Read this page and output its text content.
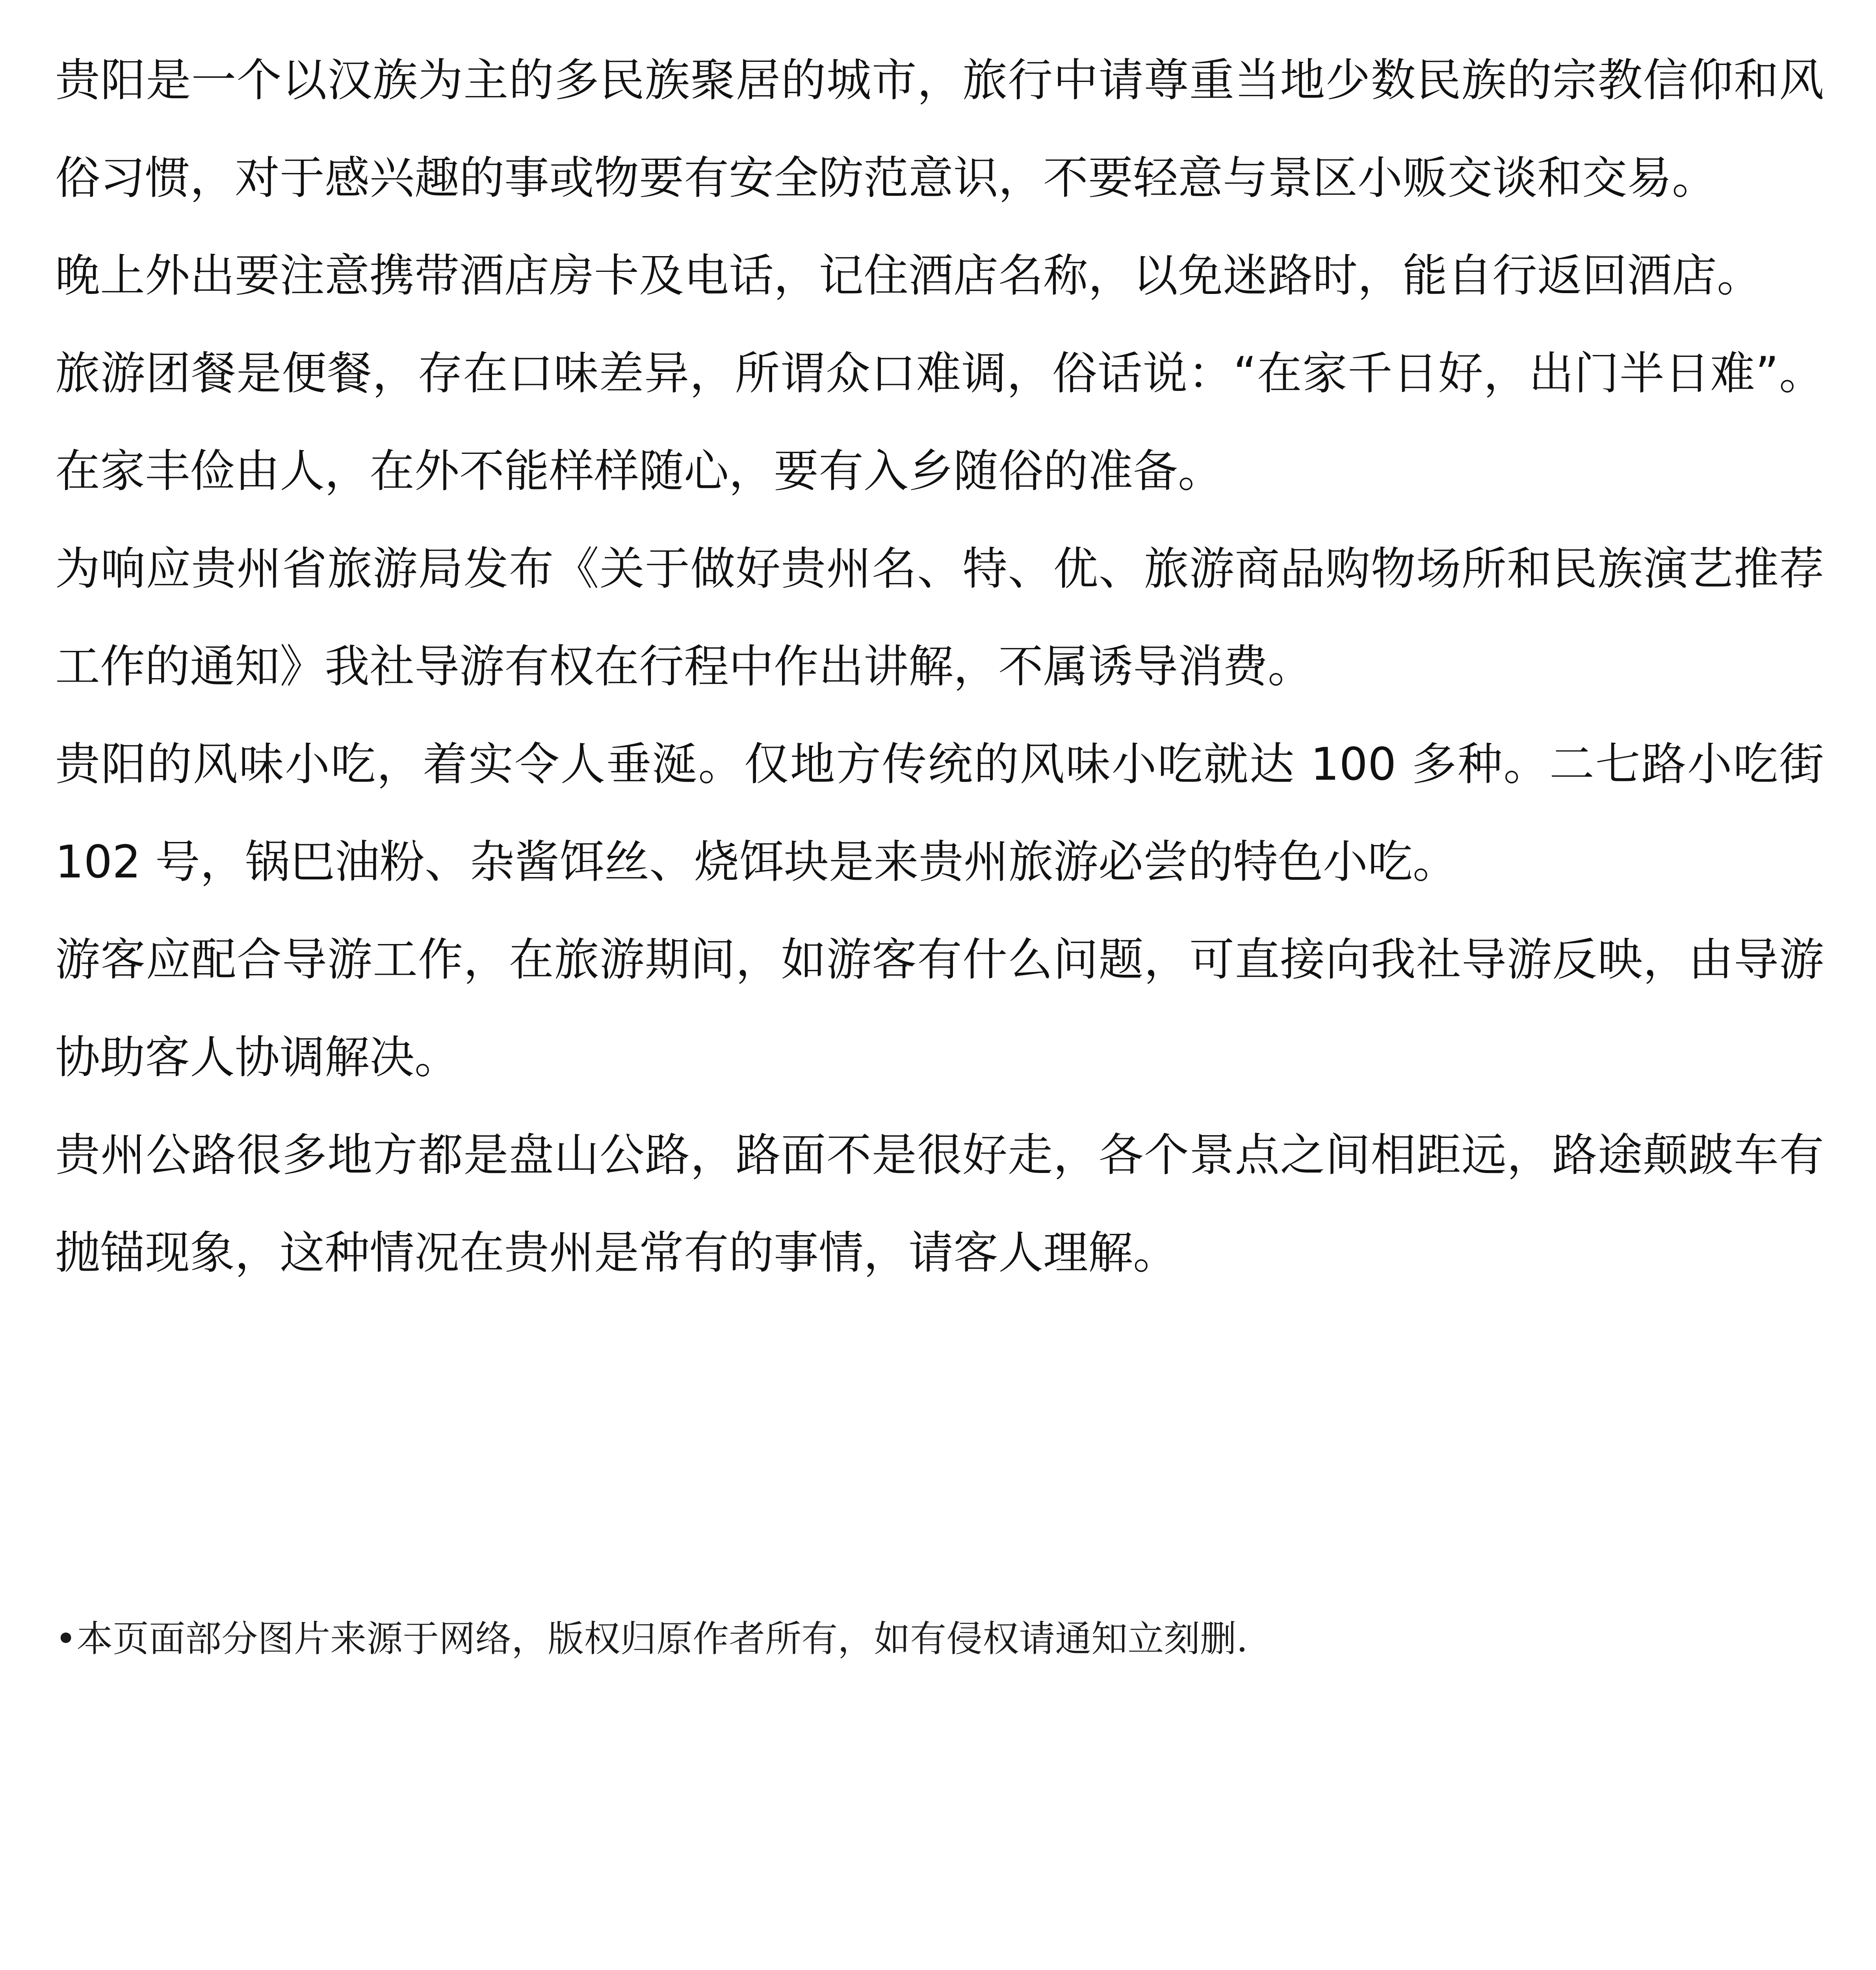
贵阳是一个以汉族为主的多民族聚居的城市，旅行中请尊重当地少数民族的宗教信仰和风俗习惯，对于感兴趣的事或物要有安全防范意识，不要轻意与景区小贩交谈和交易。

晚上外出要注意携带酒店房卡及电话，记住酒店名称，以免迷路时，能自行返回酒店。

旅游团餐是便餐，存在口味差异，所谓众口难调，俗话说：“在家千日好，出门半日难”。在家丰俭由人，在外不能样样随心，要有入乡随俗的准备。

为响应贵州省旅游局发布《关于做好贵州名、特、优、旅游商品购物场所和民族演艺推荐工作的通知》我社导游有权在行程中作出讲解，不属诱导消费。

贵阳的风味小吃，着实令人垂涎。仅地方传统的风味小吃就达 100 多种。二七路小吃街 102 号，锅巴油粉、杂酱饵丝、烧饵块是来贵州旅游必尝的特色小吃。

游客应配合导游工作，在旅游期间，如游客有什么问题，可直接向我社导游反映，由导游协助客人协调解决。

贵州公路很多地方都是盘山公路，路面不是很好走，各个景点之间相距远，路途颠跛车有抛锚现象，这种情况在贵州是常有的事情，请客人理解。

•本页面部分图片来源于网络，版权归原作者所有，如有侵权请通知立刻删.
